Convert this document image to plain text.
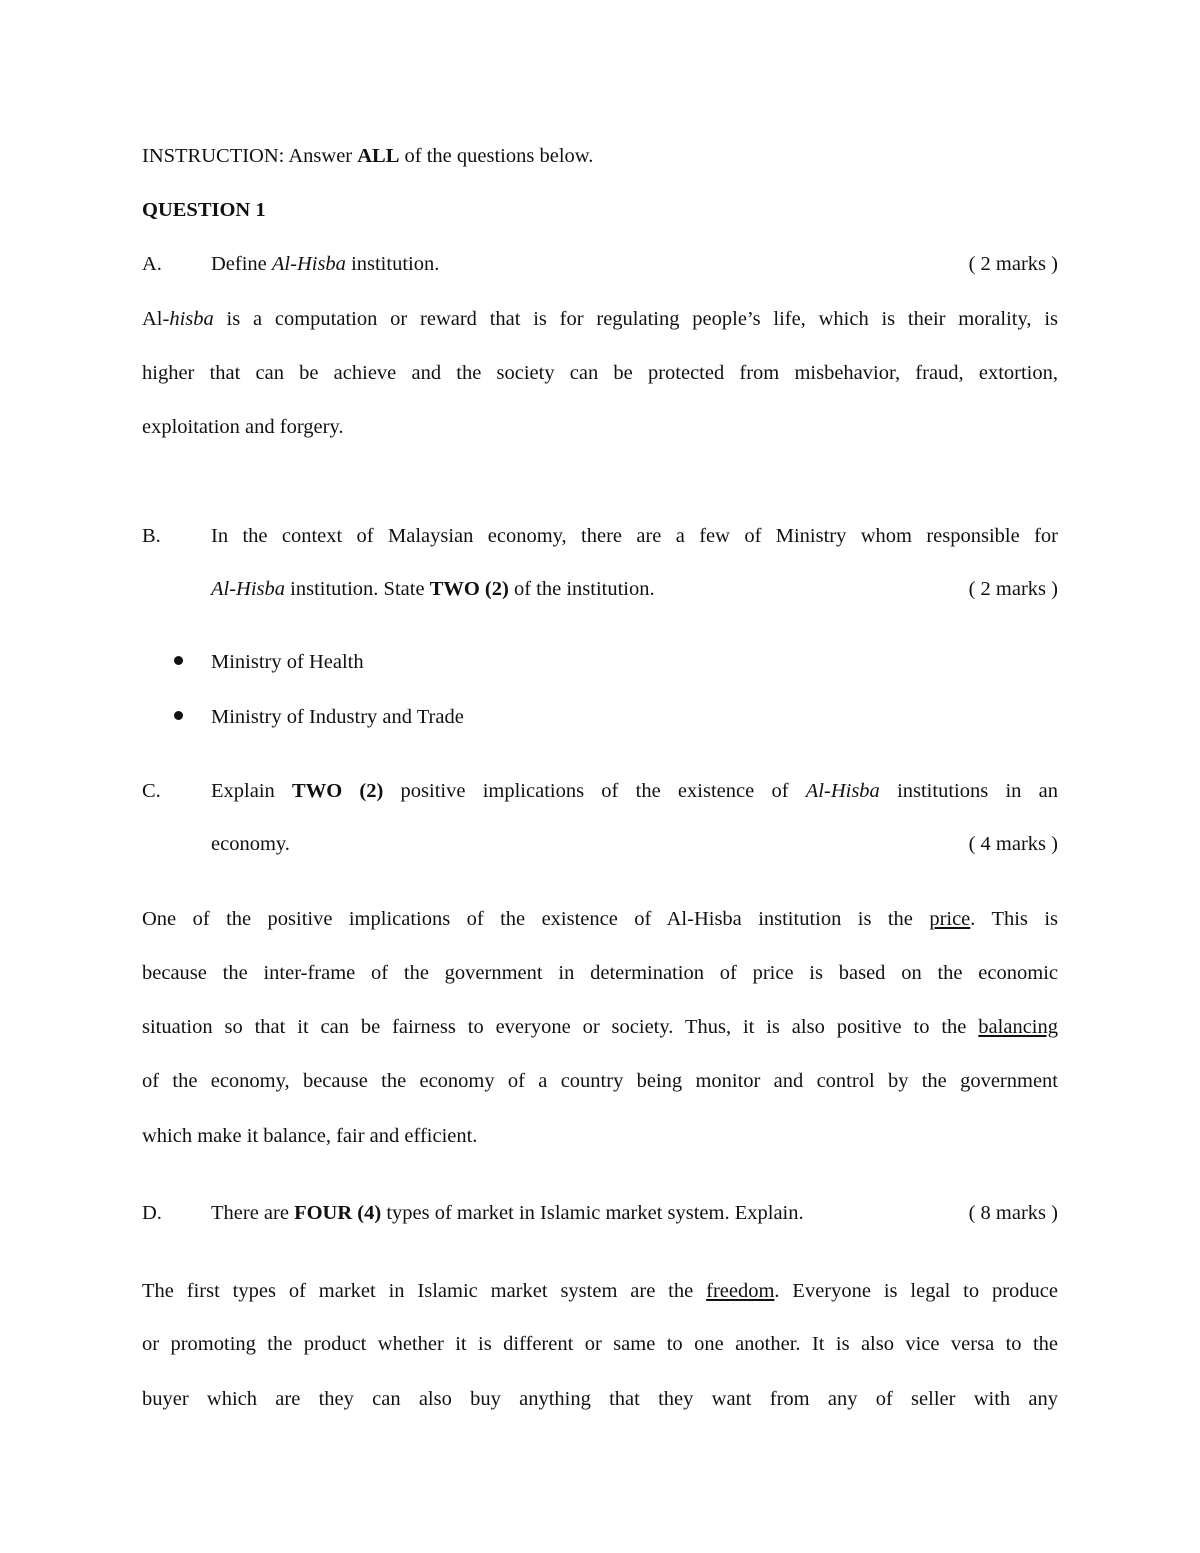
INSTRUCTION: Answer ALL of the questions below.
QUESTION 1
A. Define Al-Hisba institution.	( 2 marks )
Al-hisba is a computation or reward that is for regulating people’s life, which is their morality, is
higher that can be achieve and the society can be protected from misbehavior, fraud, extortion,
exploitation and forgery.
B. In the context of Malaysian economy, there are a few of Ministry whom responsible for
Al-Hisba institution. State TWO (2) of the institution.	( 2 marks )
Ministry of Health
Ministry of Industry and Trade
C. Explain TWO (2) positive implications of the existence of Al-Hisba institutions in an
economy.	( 4 marks )
One of the positive implications of the existence of Al-Hisba institution is the price. This is
because the inter-frame of the government in determination of price is based on the economic
situation so that it can be fairness to everyone or society. Thus, it is also positive to the balancing
of the economy, because the economy of a country being monitor and control by the government
which make it balance, fair and efficient.
D. There are FOUR (4) types of market in Islamic market system. Explain.	( 8 marks )
The first types of market in Islamic market system are the freedom. Everyone is legal to produce
or promoting the product whether it is different or same to one another. It is also vice versa to the
buyer which are they can also buy anything that they want from any of seller with any
